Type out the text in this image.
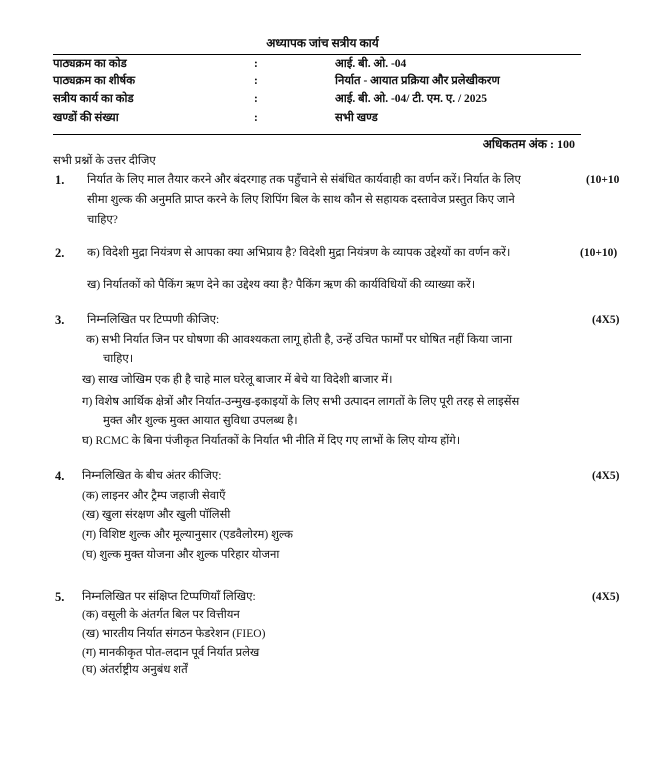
अध्यापक जांच सत्रीय कार्य
पाठ्यक्रम का कोड	:	आई. बी. ओ. -04
पाठ्यक्रम का शीर्षक	:	निर्यात - आयात प्रक्रिया और प्रलेखीकरण
सत्रीय कार्य का कोड	:	आई. बी. ओ. -04/ टी. एम. ए. / 2025
खण्डों की संख्या	:	सभी खण्ड
अधिकतम अंक : 100
सभी प्रश्नों के उत्तर दीजिए
1. निर्यात के लिए माल तैयार करने और बंदरगाह तक पहुँचाने से संबंधित कार्यवाही का वर्णन करें। निर्यात के लिए
सीमा शुल्क की अनुमति प्राप्त करने के लिए शिपिंग बिल के साथ कौन से सहायक दस्तावेज प्रस्तुत किए जाने
चाहिए?
(10+10
2. क) विदेशी मुद्रा नियंत्रण से आपका क्या अभिप्राय है? विदेशी मुद्रा नियंत्रण के व्यापक उद्देश्यों का वर्णन करें।
ख) निर्यातकों को पैकिंग ऋण देने का उद्देश्य क्या है? पैकिंग ऋण की कार्यविधियों की व्याख्या करें।
(10+10)
3. निम्नलिखित पर टिप्पणी कीजिए:
क) सभी निर्यात जिन पर घोषणा की आवश्यकता लागू होती है, उन्हें उचित फार्मों पर घोषित नहीं किया जाना
चाहिए।
ख) साख जोखिम एक ही है चाहे माल घरेलू बाजार में बेचे या विदेशी बाजार में।
ग) विशेष आर्थिक क्षेत्रों और निर्यात-उन्मुख-इकाइयों के लिए सभी उत्पादन लागतों के लिए पूरी तरह से लाइसेंस
मुक्त और शुल्क मुक्त आयात सुविधा उपलब्ध है।
घ) RCMC के बिना पंजीकृत निर्यातकों के निर्यात भी नीति में दिए गए लाभों के लिए योग्य होंगे।
(4X5)
4. निम्नलिखित के बीच अंतर कीजिए:
(क) लाइनर और ट्रैम्प जहाजी सेवाएँ
(ख) खुला संरक्षण और खुली पॉलिसी
(ग) विशिष्ट शुल्क और मूल्यानुसार (एडवैलोरम) शुल्क
(घ) शुल्क मुक्त योजना और शुल्क परिहार योजना
(4X5)
5. निम्नलिखित पर संक्षिप्त टिप्पणियाँ लिखिए:
(क) वसूली के अंतर्गत बिल पर वित्तीयन
(ख) भारतीय निर्यात संगठन फेडरेशन (FIEO)
(ग) मानकीकृत पोत-लदान पूर्व निर्यात प्रलेख
(घ) अंतर्राष्ट्रीय अनुबंध शर्तें
(4X5)
